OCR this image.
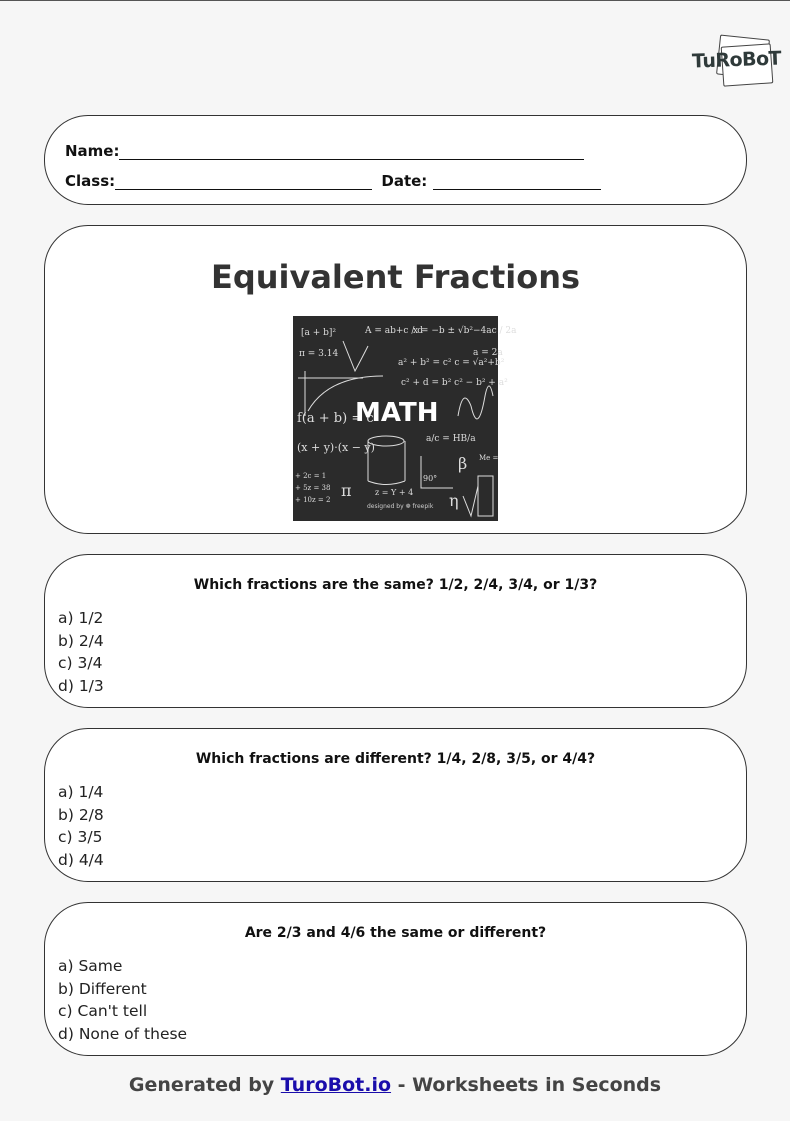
TuRoBoT
Name:
Class:	Date:
Equivalent Fractions
[a + b]²	A = ab+c / d
x = −b ± √b²−4ac / 2a
π = 3.14
a² + b² = c² c = √a²+b²
c² + d = b² c² − b² + a²
a = 2a
f(a + b) = c
(x + y)·(x − y)
a/c = HB/a
β Me =
+ 2c = 1
+ 5z = 38
+ 10z = 2 π	z = Y + 4
90°
η
MATH
designed by ❁ freepik
Which fractions are the same? 1/2, 2/4, 3/4, or 1/3?
a) 1/2
b) 2/4
c) 3/4
d) 1/3
Which fractions are different? 1/4, 2/8, 3/5, or 4/4?
a) 1/4
b) 2/8
c) 3/5
d) 4/4
Are 2/3 and 4/6 the same or different?
a) Same
b) Different
c) Can't tell
d) None of these
Generated by TuroBot.io - Worksheets in Seconds
